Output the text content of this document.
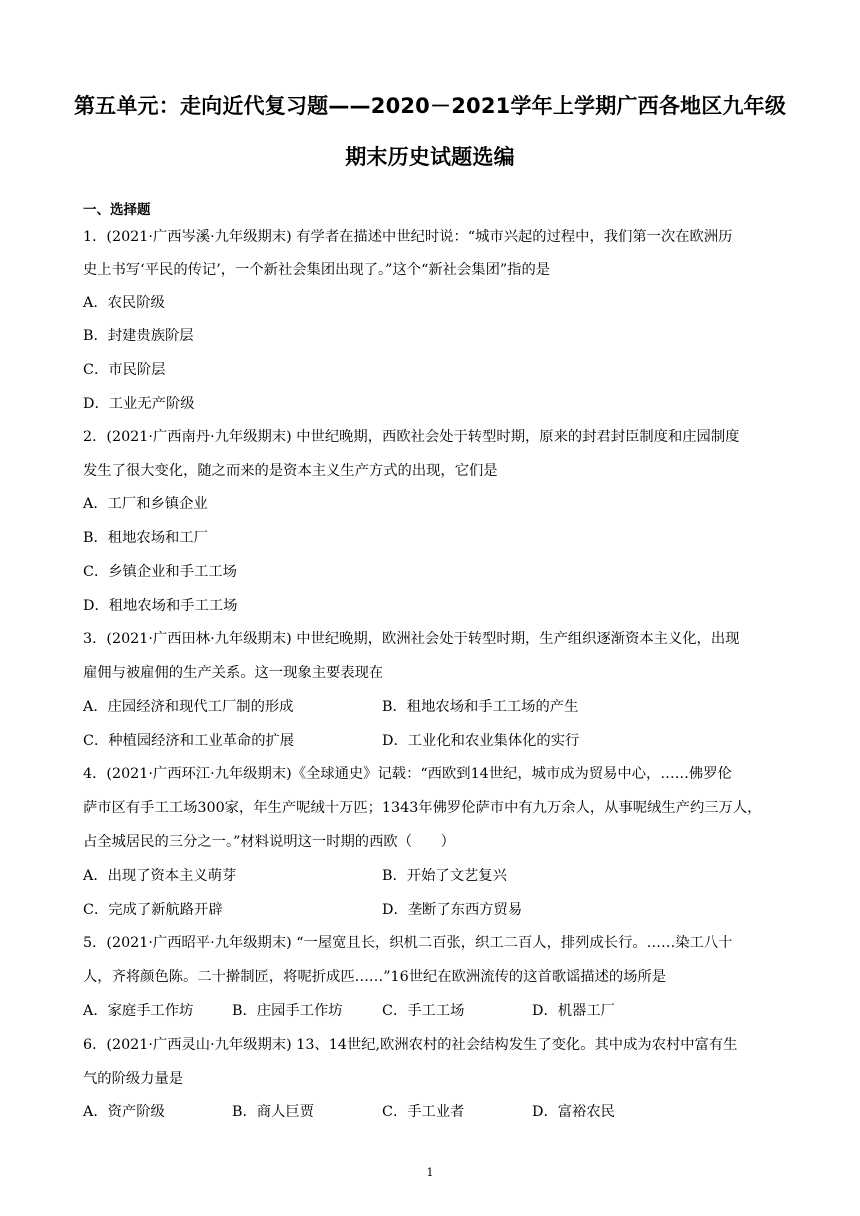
第五单元：走向近代复习题——2020－2021学年上学期广西各地区九年级
期末历史试题选编
一、选择题
1．(2021·广西岑溪·九年级期末) 有学者在描述中世纪时说：“城市兴起的过程中，我们第一次在欧洲历
史上书写‘平民的传记’，一个新社会集团出现了。”这个“新社会集团”指的是
A．农民阶级
B．封建贵族阶层
C．市民阶层
D．工业无产阶级
2．(2021·广西南丹·九年级期末) 中世纪晚期，西欧社会处于转型时期，原来的封君封臣制度和庄园制度
发生了很大变化，随之而来的是资本主义生产方式的出现，它们是
A．工厂和乡镇企业
B．租地农场和工厂
C．乡镇企业和手工工场
D．租地农场和手工工场
3．(2021·广西田林·九年级期末) 中世纪晚期，欧洲社会处于转型时期，生产组织逐渐资本主义化，出现
雇佣与被雇佣的生产关系。这一现象主要表现在
A．庄园经济和现代工厂制的形成	B．租地农场和手工工场的产生
C．种植园经济和工业革命的扩展	D．工业化和农业集体化的实行
4．(2021·广西环江·九年级期末)《全球通史》记载：“西欧到14世纪，城市成为贸易中心，……佛罗伦
萨市区有手工工场300家，年生产呢绒十万匹；1343年佛罗伦萨市中有九万余人，从事呢绒生产约三万人，
占全城居民的三分之一。”材料说明这一时期的西欧（　　）
A．出现了资本主义萌芽	B．开始了文艺复兴
C．完成了新航路开辟	D．垄断了东西方贸易
5．(2021·广西昭平·九年级期末) “一屋宽且长，织机二百张，织工二百人，排列成长行。……染工八十
人，齐将颜色陈。二十擀制匠，将呢折成匹……”16世纪在欧洲流传的这首歌谣描述的场所是
A．家庭手工作坊	B．庄园手工作坊	C．手工工场	D．机器工厂
6．(2021·广西灵山·九年级期末) 13、14世纪,欧洲农村的社会结构发生了变化。其中成为农村中富有生
气的阶级力量是
A．资产阶级	B．商人巨贾	C．手工业者	D．富裕农民
1
